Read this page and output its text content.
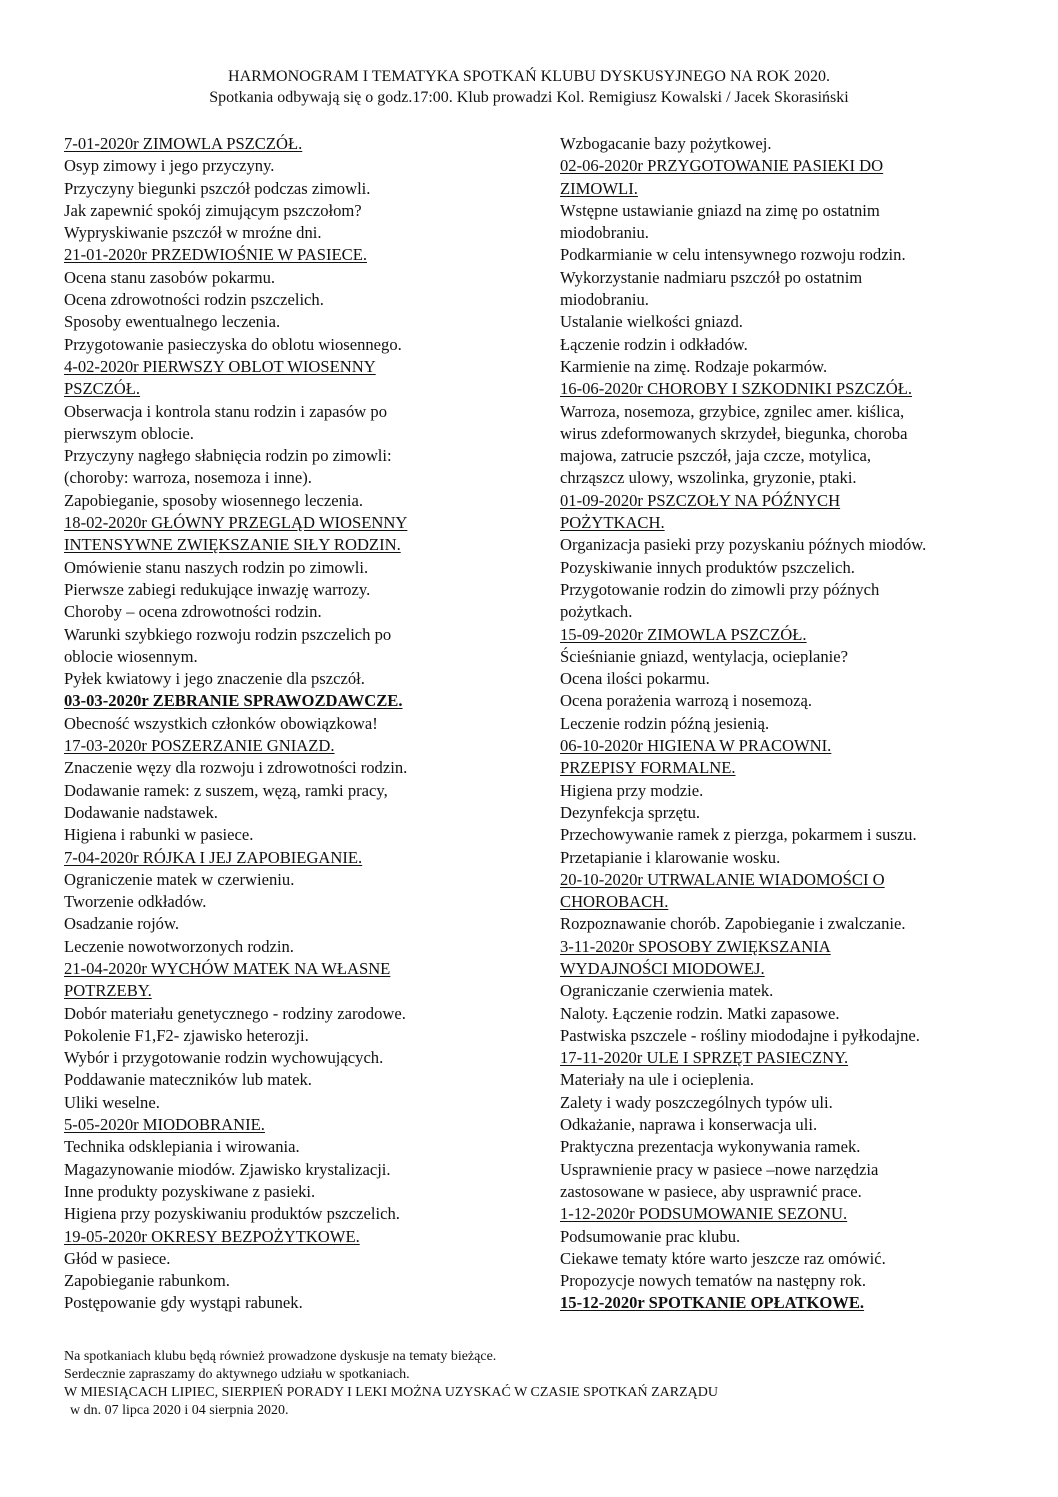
HARMONOGRAM I TEMATYKA SPOTKAŃ KLUBU DYSKUSYJNEGO NA ROK 2020.
Spotkania odbywają się o godz.17:00. Klub prowadzi Kol. Remigiusz Kowalski / Jacek Skorasiński
7-01-2020r ZIMOWLA PSZCZÓŁ.
Osyp zimowy i jego przyczyny.
Przyczyny biegunki pszczół podczas zimowli.
Jak zapewnić spokój zimującym pszczołom?
Wypryskiwanie pszczół w mroźne dni.
21-01-2020r PRZEDWIOŚNIE W PASIECE.
Ocena stanu zasobów pokarmu.
Ocena zdrowotności rodzin pszczelich.
Sposoby ewentualnego leczenia.
Przygotowanie pasieczyska do oblotu wiosennego.
4-02-2020r PIERWSZY OBLOT WIOSENNY
PSZCZÓŁ.
Obserwacja i kontrola stanu rodzin i zapasów po
pierwszym oblocie.
Przyczyny nagłego słabnięcia rodzin po zimowli:
(choroby: warroza, nosemoza i inne).
Zapobieganie, sposoby wiosennego leczenia.
18-02-2020r GŁÓWNY PRZEGLĄD WIOSENNY
INTENSYWNE ZWIĘKSZANIE SIŁY RODZIN.
Omówienie stanu naszych rodzin po zimowli.
Pierwsze zabiegi redukujące inwazję warrozy.
Choroby – ocena zdrowotności rodzin.
Warunki szybkiego rozwoju rodzin pszczelich po
oblocie wiosennym.
Pyłek kwiatowy i jego znaczenie dla pszczół.
03-03-2020r ZEBRANIE SPRAWOZDAWCZE.
Obecność wszystkich członków obowiązkowa!
17-03-2020r POSZERZANIE GNIAZD.
Znaczenie węzy dla rozwoju i zdrowotności rodzin.
Dodawanie ramek: z suszem, węzą, ramki pracy,
Dodawanie nadstawek.
Higiena i rabunki w pasiece.
7-04-2020r RÓJKA I JEJ ZAPOBIEGANIE.
Ograniczenie matek w czerwieniu.
Tworzenie odkładów.
Osadzanie rojów.
Leczenie nowotworzonych rodzin.
21-04-2020r WYCHÓW MATEK NA WŁASNE
POTRZEBY.
Dobór materiału genetycznego - rodziny zarodowe.
Pokolenie F1,F2- zjawisko heterozji.
Wybór i przygotowanie rodzin wychowujących.
Poddawanie mateczników lub matek.
Uliki weselne.
5-05-2020r MIODOBRANIE.
Technika odsklepiania i wirowania.
Magazynowanie miodów. Zjawisko krystalizacji.
Inne produkty pozyskiwane z pasieki.
Higiena przy pozyskiwaniu produktów pszczelich.
19-05-2020r OKRESY BEZPOŻYTKOWE.
Głód w pasiece.
Zapobieganie rabunkom.
Postępowanie gdy wystąpi rabunek.
Wzbogacanie bazy pożytkowej.
02-06-2020r PRZYGOTOWANIE PASIEKI DO
ZIMOWLI.
Wstępne ustawianie gniazd na zimę po ostatnim
miodobraniu.
Podkarmianie w celu intensywnego rozwoju rodzin.
Wykorzystanie nadmiaru pszczół po ostatnim
miodobraniu.
Ustalanie wielkości gniazd.
Łączenie rodzin i odkładów.
Karmienie na zimę. Rodzaje pokarmów.
16-06-2020r CHOROBY I SZKODNIKI PSZCZÓŁ.
Warroza, nosemoza, grzybice, zgnilec amer. kiślica,
wirus zdeformowanych skrzydeł, biegunka, choroba
majowa, zatrucie pszczół, jaja czcze, motylica,
chrząszcz ulowy, wszolinka, gryzonie, ptaki.
01-09-2020r PSZCZOŁY NA PÓŹNYCH
POŻYTKACH.
Organizacja pasieki przy pozyskaniu późnych miodów.
Pozyskiwanie innych produktów pszczelich.
Przygotowanie rodzin do zimowli przy późnych
pożytkach.
15-09-2020r ZIMOWLA PSZCZÓŁ.
Ścieśnianie gniazd, wentylacja, ocieplanie?
Ocena ilości pokarmu.
Ocena porażenia warrozą i nosemozą.
Leczenie rodzin późną jesienią.
06-10-2020r HIGIENA W PRACOWNI.
PRZEPISY FORMALNE.
Higiena przy modzie.
Dezynfekcja sprzętu.
Przechowywanie ramek z pierzga, pokarmem i suszu.
Przetapianie i klarowanie wosku.
20-10-2020r UTRWALANIE WIADOMOŚCI O
CHOROBACH.
Rozpoznawanie chorób. Zapobieganie i zwalczanie.
3-11-2020r SPOSOBY ZWIĘKSZANIA
WYDAJNOŚCI MIODOWEJ.
Ograniczanie czerwienia matek.
Naloty. Łączenie rodzin. Matki zapasowe.
Pastwiska pszczele - rośliny miododajne i pyłkodajne.
17-11-2020r ULE I SPRZĘT PASIECZNY.
Materiały na ule i ocieplenia.
Zalety i wady poszczególnych typów uli.
Odkażanie, naprawa i konserwacja uli.
Praktyczna prezentacja wykonywania ramek.
Usprawnienie pracy w pasiece –nowe narzędzia
zastosowane w pasiece, aby usprawnić prace.
1-12-2020r PODSUMOWANIE SEZONU.
Podsumowanie prac klubu.
Ciekawe tematy które warto jeszcze raz omówić.
Propozycje nowych tematów na następny rok.
15-12-2020r SPOTKANIE OPŁATKOWE.
Na spotkaniach klubu będą również prowadzone dyskusje na tematy bieżące.
Serdecznie zapraszamy do aktywnego udziału w spotkaniach.
W MIESIĄCACH LIPIEC, SIERPIEŃ PORADY I LEKI MOŻNA UZYSKAĆ W CZASIE SPOTKAŃ ZARZĄDU
w dn. 07 lipca 2020 i 04 sierpnia 2020.
